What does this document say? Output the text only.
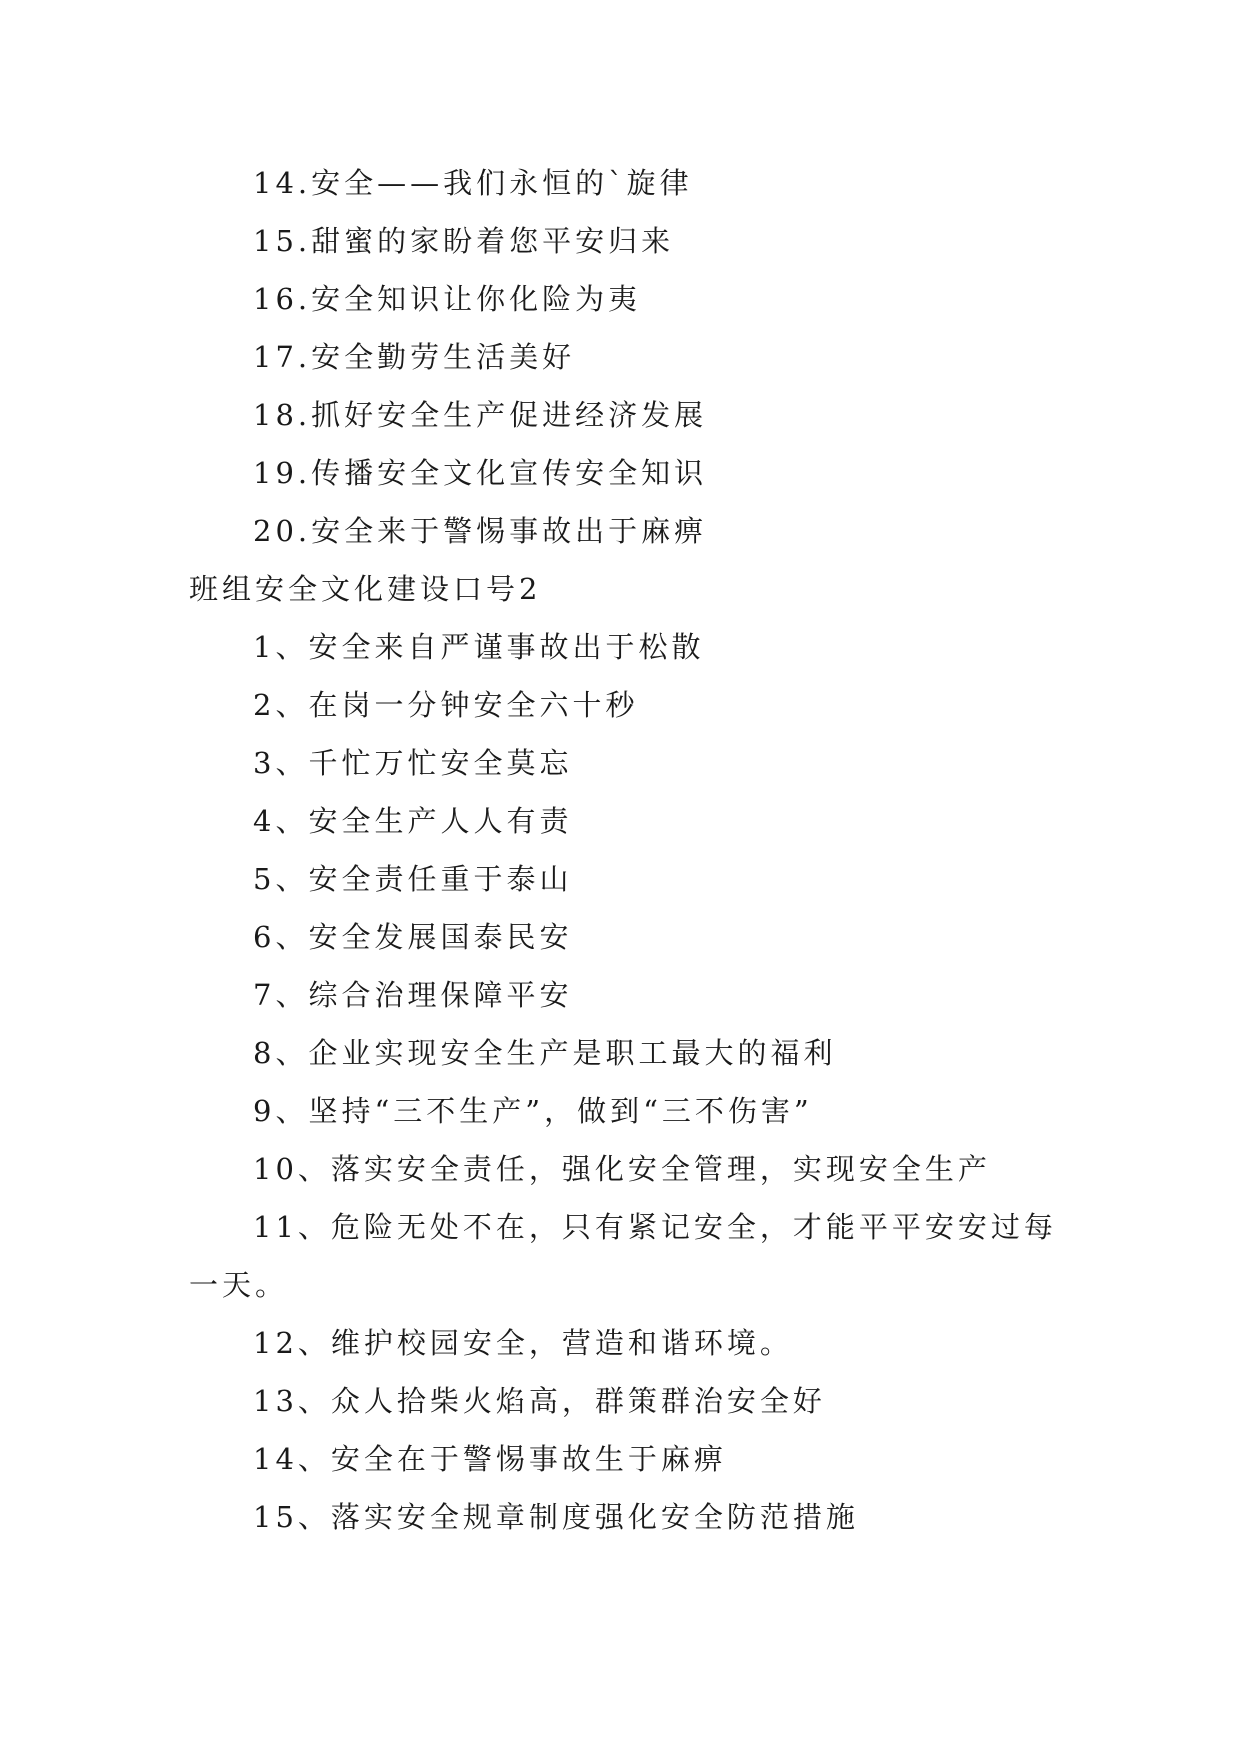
14.安全——我们永恒的`旋律
15.甜蜜的家盼着您平安归来
16.安全知识让你化险为夷
17.安全勤劳生活美好
18.抓好安全生产促进经济发展
19.传播安全文化宣传安全知识
20.安全来于警惕事故出于麻痹
班组安全文化建设口号2
1、安全来自严谨事故出于松散
2、在岗一分钟安全六十秒
3、千忙万忙安全莫忘
4、安全生产人人有责
5、安全责任重于泰山
6、安全发展国泰民安
7、综合治理保障平安
8、企业实现安全生产是职工最大的福利
9、坚持“三不生产”，做到“三不伤害”
10、落实安全责任，强化安全管理，实现安全生产
11、危险无处不在，只有紧记安全，才能平平安安过每
一天。
12、维护校园安全，营造和谐环境。
13、众人拾柴火焰高，群策群治安全好
14、安全在于警惕事故生于麻痹
15、落实安全规章制度强化安全防范措施
